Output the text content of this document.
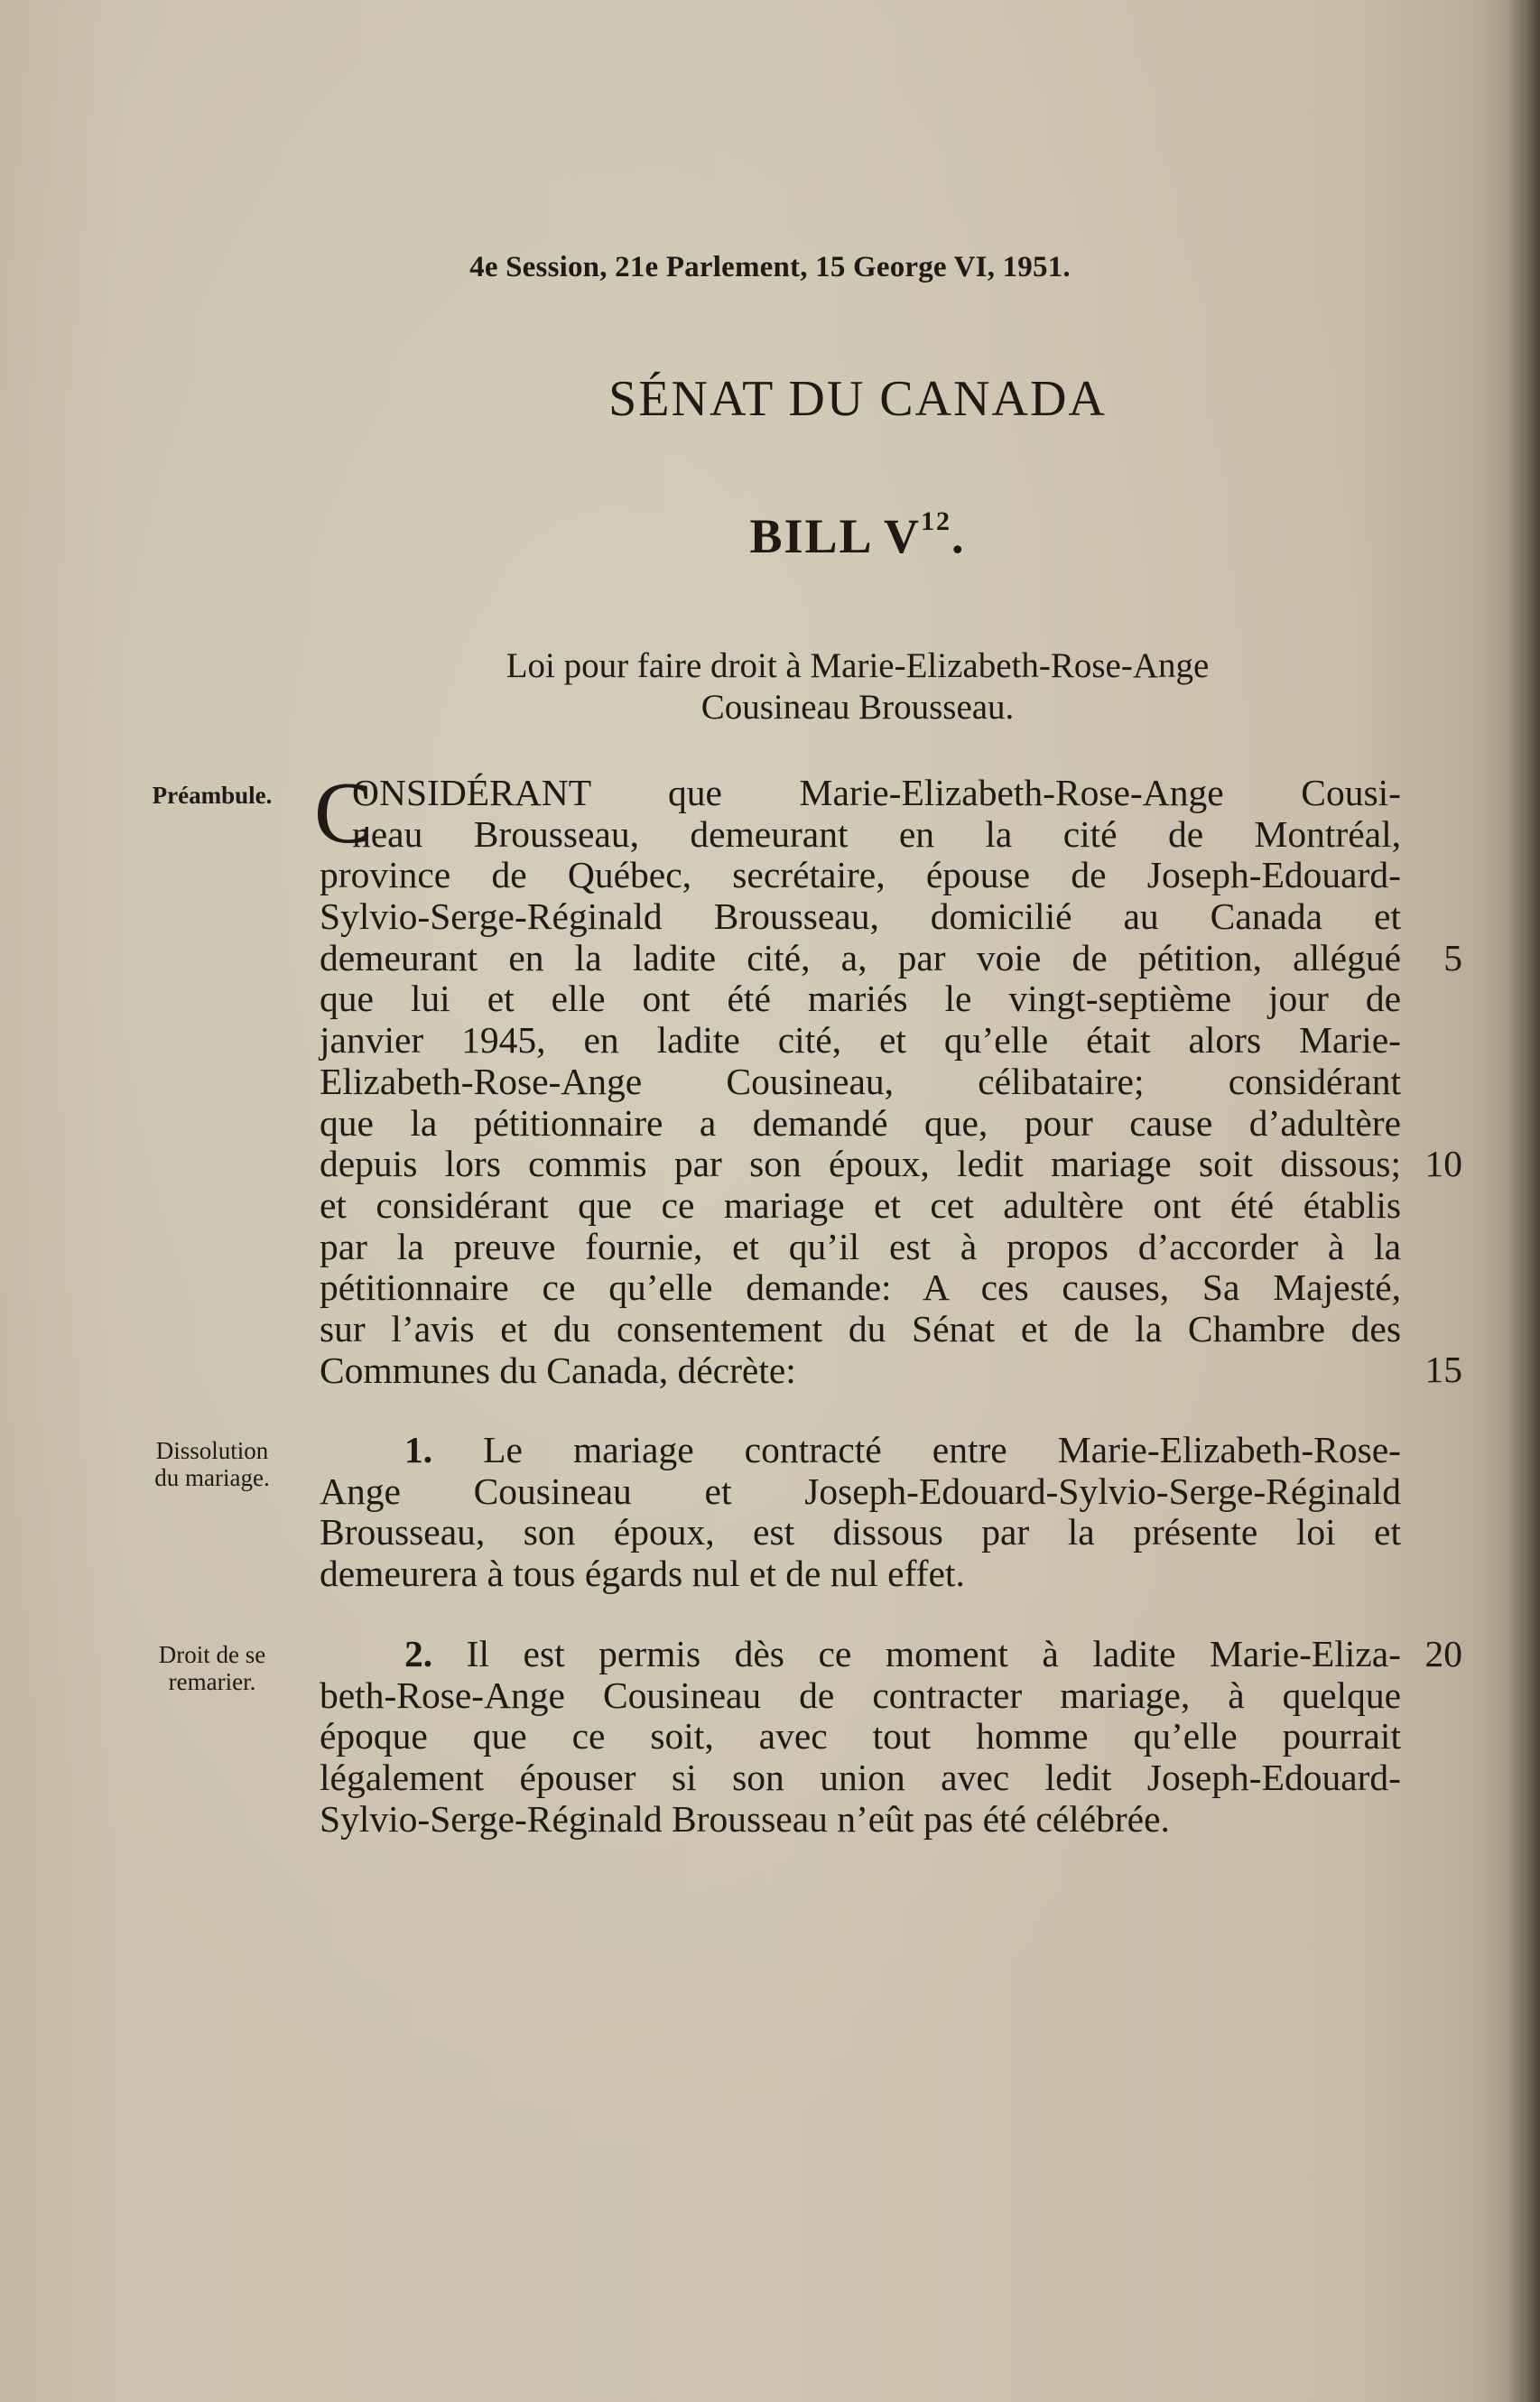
4e Session, 21e Parlement, 15 George VI, 1951.
SÉNAT DU CANADA
BILL $V^{12}$.
Loi pour faire droit à Marie-Elizabeth-Rose-Ange
Cousineau Brousseau.
Préambule. C
ONSIDÉRANT que Marie-Elizabeth-Rose-Ange Cousi-
neau Brousseau, demeurant en la cité de Montréal,
province de Québec, secrétaire, épouse de Joseph-Edouard-
Sylvio-Serge-Réginald Brousseau, domicilié au Canada et
demeurant en la ladite cité, a, par voie de pétition, allégué
que lui et elle ont été mariés le vingt-septième jour de
janvier 1945, en ladite cité, et qu’elle était alors Marie-
Elizabeth-Rose-Ange Cousineau, célibataire; considérant
que la pétitionnaire a demandé que, pour cause d’adultère
depuis lors commis par son époux, ledit mariage soit dissous;
et considérant que ce mariage et cet adultère ont été établis
par la preuve fournie, et qu’il est à propos d’accorder à la
pétitionnaire ce qu’elle demande: A ces causes, Sa Majesté,
sur l’avis et du consentement du Sénat et de la Chambre des
Communes du Canada, décrète:
Dissolution
du mariage.
1. Le mariage contracté entre Marie-Elizabeth-Rose-
Ange Cousineau et Joseph-Edouard-Sylvio-Serge-Réginald
Brousseau, son époux, est dissous par la présente loi et
demeurera à tous égards nul et de nul effet.
Droit de se
remarier.
2. Il est permis dès ce moment à ladite Marie-Eliza-
beth-Rose-Ange Cousineau de contracter mariage, à quelque
époque que ce soit, avec tout homme qu’elle pourrait
légalement épouser si son union avec ledit Joseph-Edouard-
Sylvio-Serge-Réginald Brousseau n’eût pas été célébrée.
5
10
15
20
